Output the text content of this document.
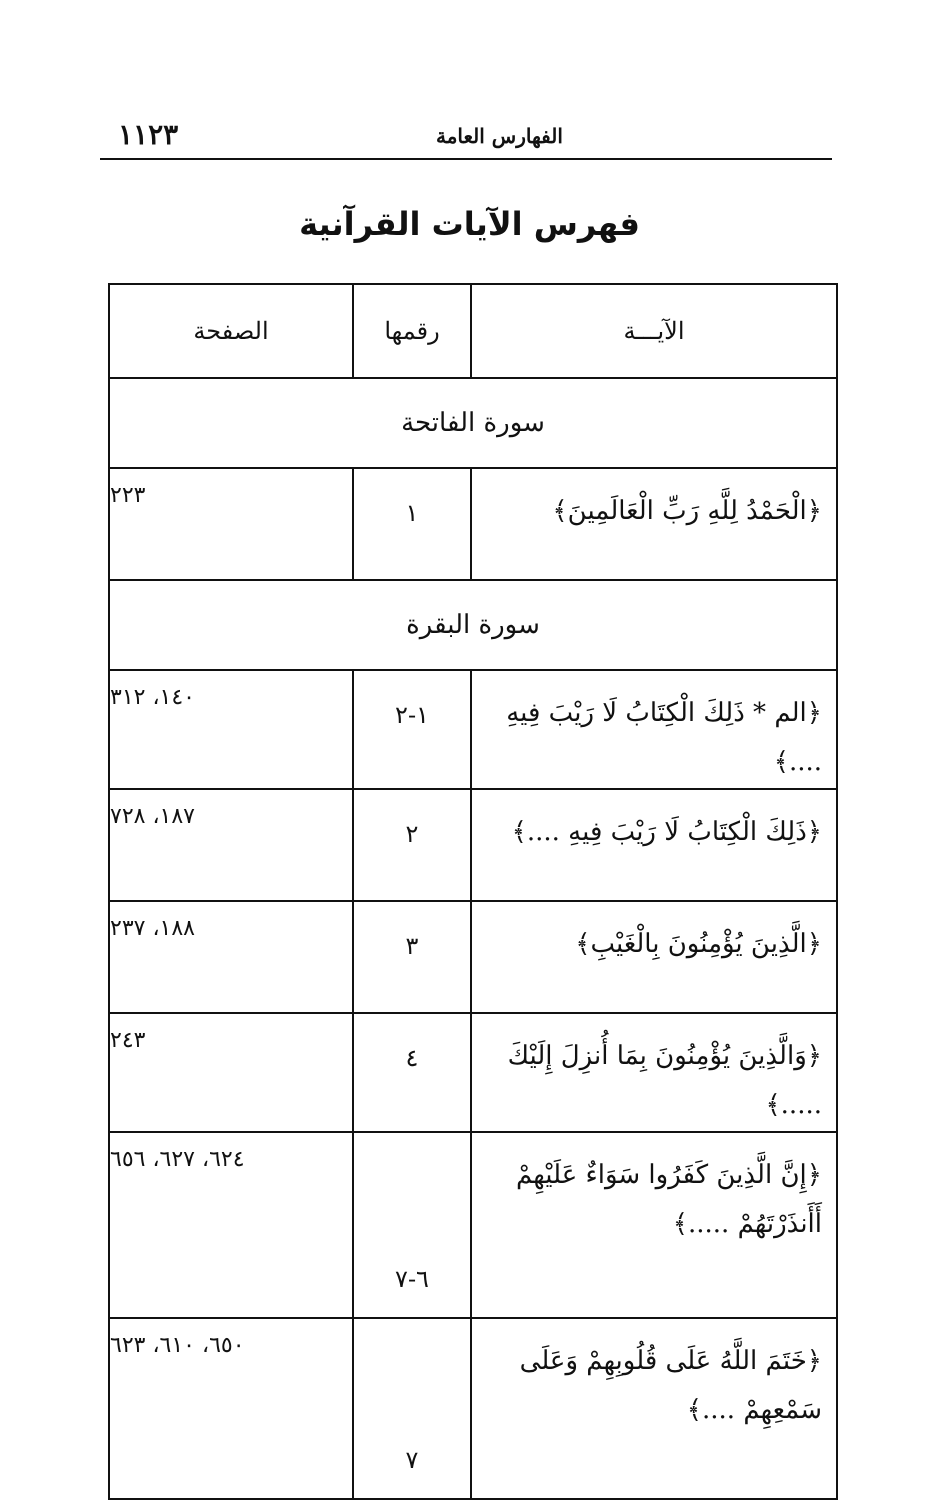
١١٢٣	الفهارس العامة
فهرس الآيات القرآنية
الآيـــة	رقمها	الصفحة
سورة الفاتحة		
﴿الْحَمْدُ لِلَّهِ رَبِّ الْعَالَمِينَ﴾	١	٢٢٣
سورة البقرة		
﴿الم * ذَلِكَ الْكِتَابُ لَا رَيْبَ فِيهِ ....﴾	١-٢	١٤٠، ٣١٢
﴿ذَلِكَ الْكِتَابُ لَا رَيْبَ فِيهِ ....﴾	٢	١٨٧، ٧٢٨
﴿الَّذِينَ يُؤْمِنُونَ بِالْغَيْبِ﴾	٣	١٨٨، ٢٣٧
﴿وَالَّذِينَ يُؤْمِنُونَ بِمَا أُنزِلَ إِلَيْكَ .....﴾	٤	٢٤٣
﴿إِنَّ الَّذِينَ كَفَرُوا سَوَاءٌ عَلَيْهِمْ أَأَنذَرْتَهُمْ .....﴾	٦-٧	٦٢٤، ٦٢٧، ٦٥٦
﴿خَتَمَ اللَّهُ عَلَى قُلُوبِهِمْ وَعَلَى سَمْعِهِمْ ....﴾	٧	٦٥٠، ٦١٠، ٦٢٣
